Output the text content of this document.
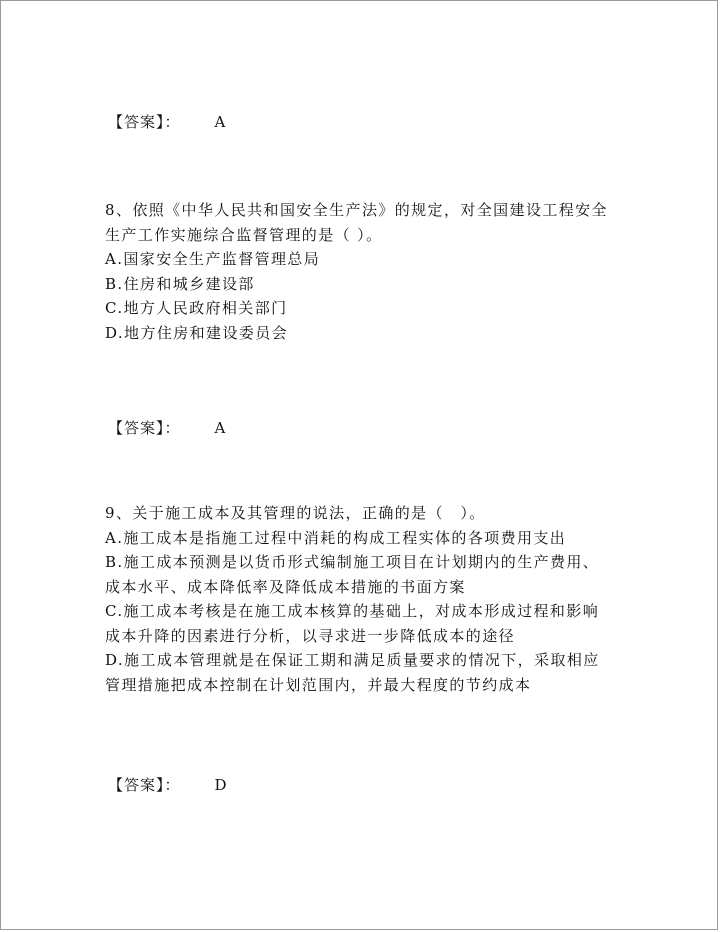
【答案】： A
8、依照《中华人民共和国安全生产法》的规定，对全国建设工程安全
生产工作实施综合监督管理的是（ ）。
A.国家安全生产监督管理总局
B.住房和城乡建设部
C.地方人民政府相关部门
D.地方住房和建设委员会
【答案】： A
9、关于施工成本及其管理的说法，正确的是（　）。
A.施工成本是指施工过程中消耗的构成工程实体的各项费用支出
B.施工成本预测是以货币形式编制施工项目在计划期内的生产费用、
成本水平、成本降低率及降低成本措施的书面方案
C.施工成本考核是在施工成本核算的基础上，对成本形成过程和影响
成本升降的因素进行分析，以寻求进一步降低成本的途径
D.施工成本管理就是在保证工期和满足质量要求的情况下，采取相应
管理措施把成本控制在计划范围内，并最大程度的节约成本
【答案】： D
